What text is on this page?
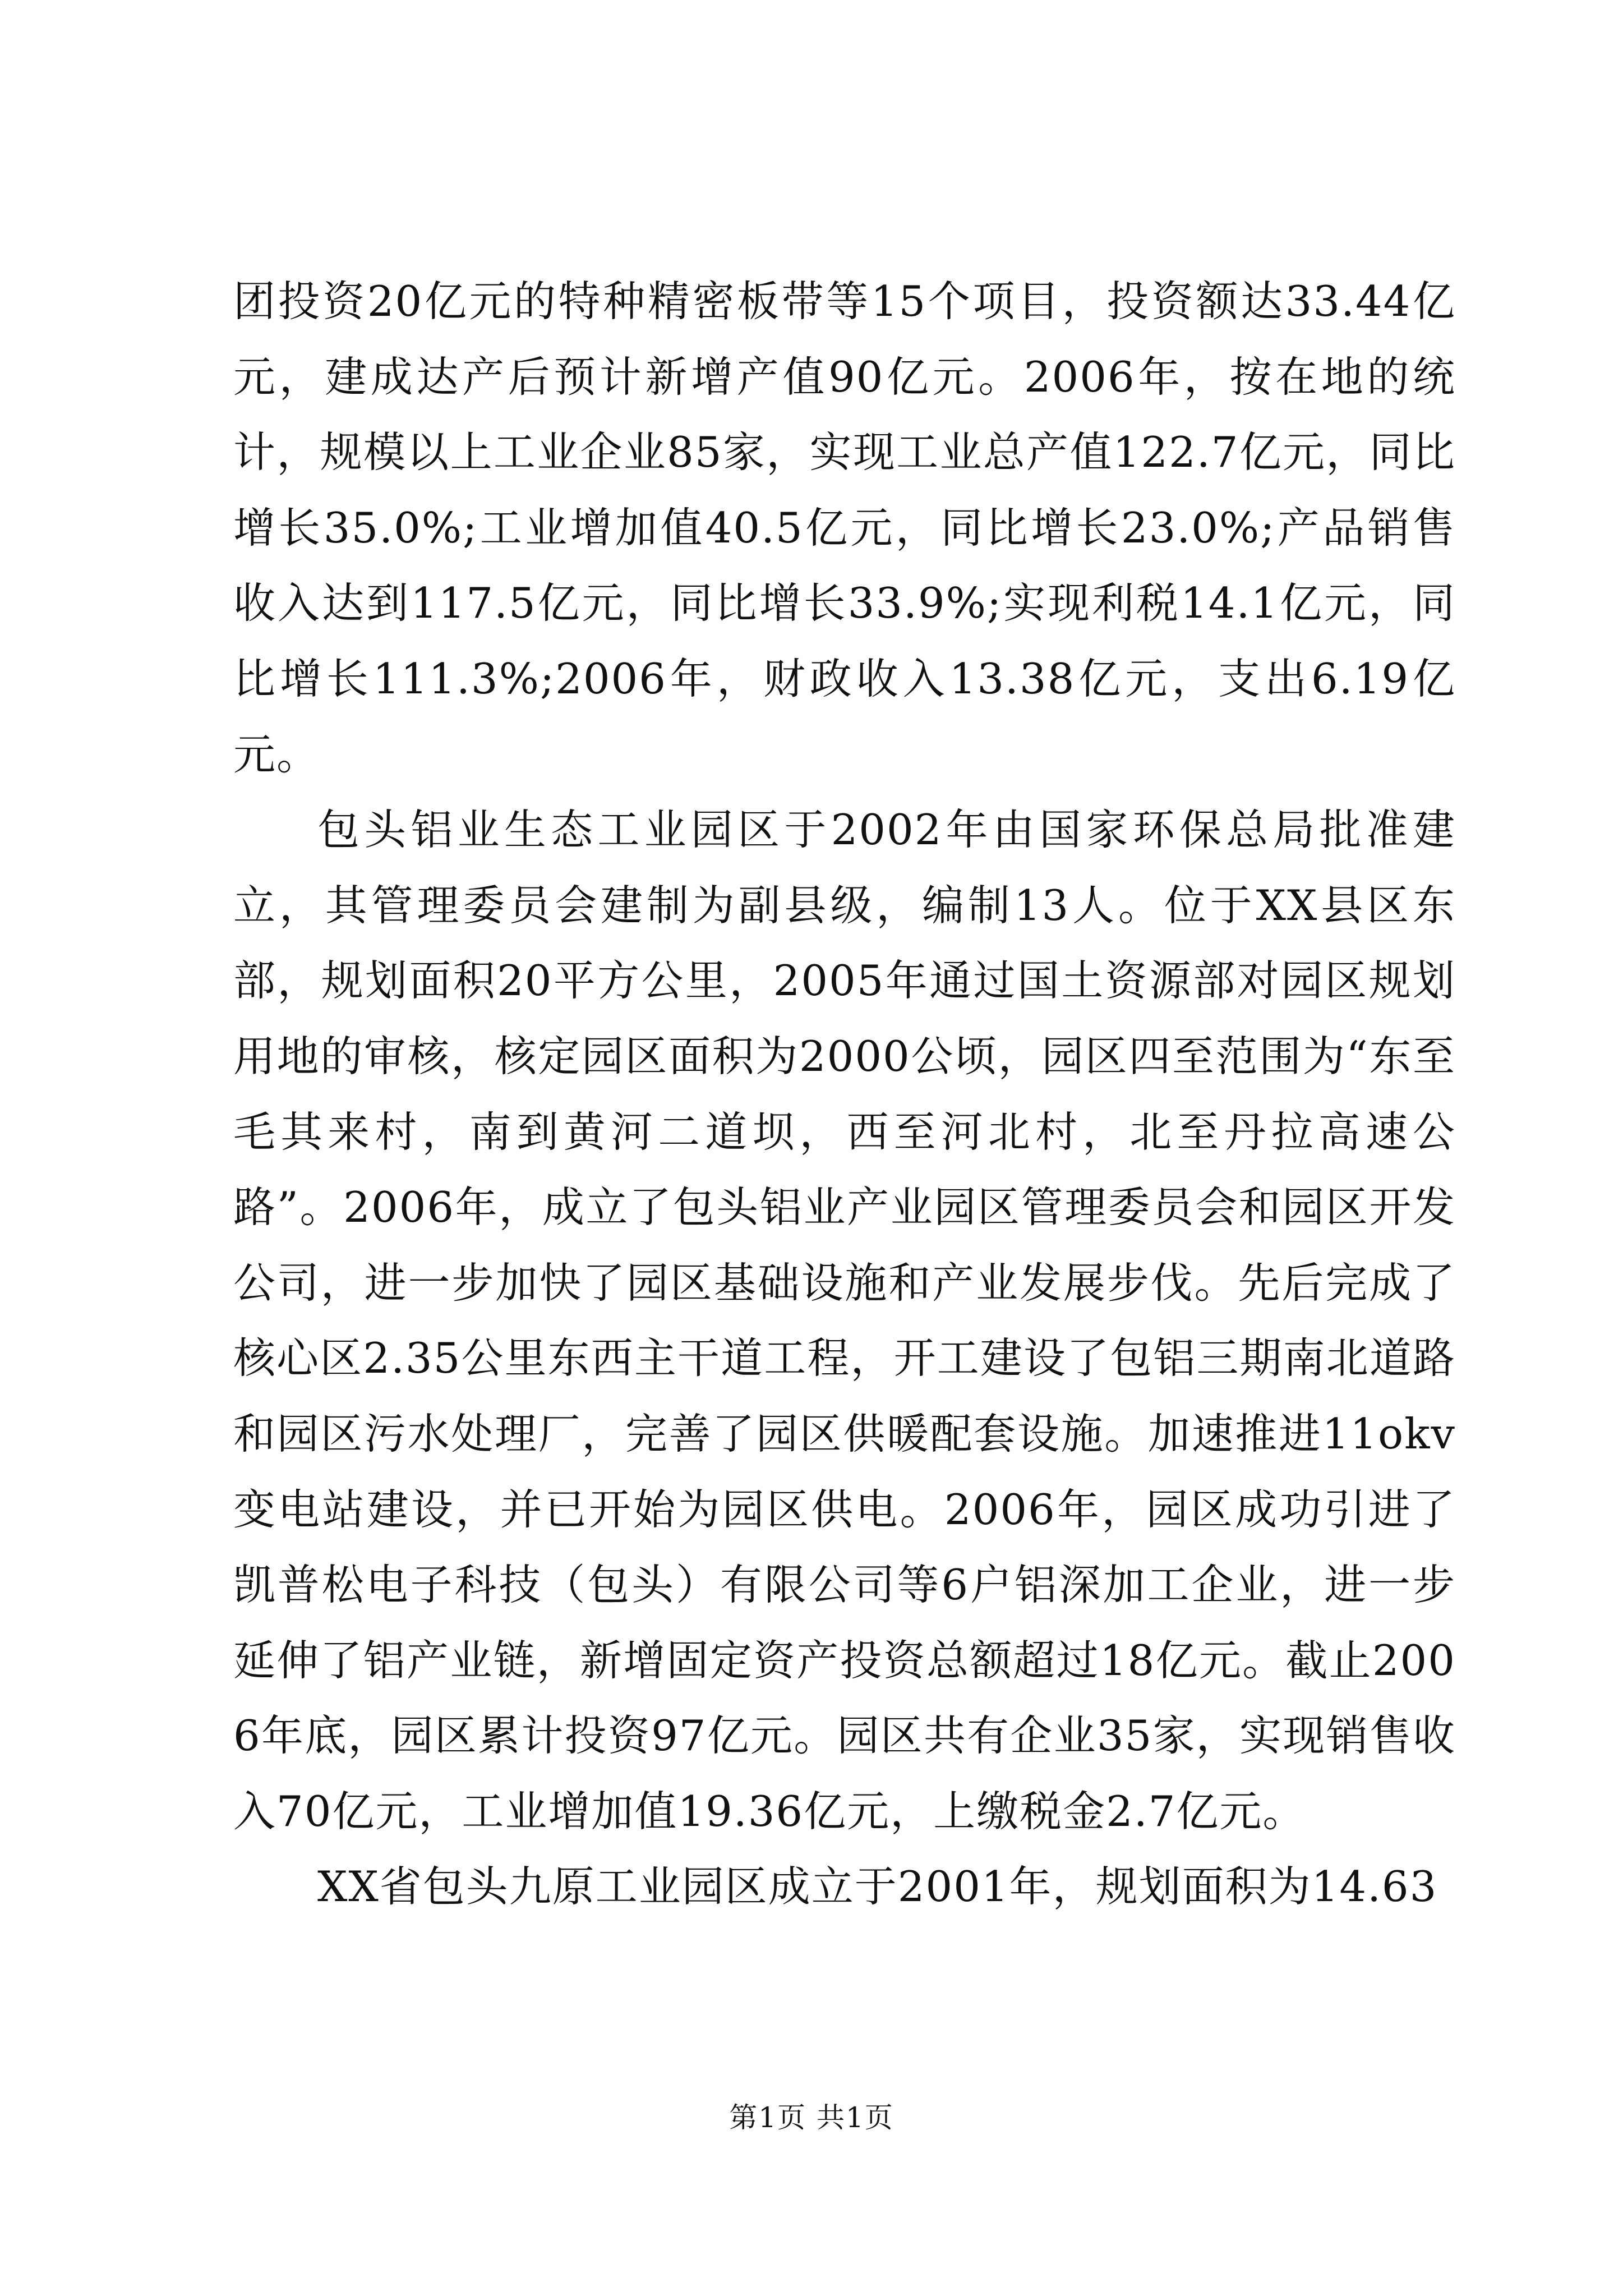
团投资20亿元的特种精密板带等15个项目，投资额达33.44亿元，建成达产后预计新增产值90亿元。2006年，按在地的统计，规模以上工业企业85家，实现工业总产值122.7亿元，同比增长35.0%;工业增加值40.5亿元，同比增长23.0%;产品销售收入达到117.5亿元，同比增长33.9%;实现利税14.1亿元，同比增长111.3%;2006年，财政收入13.38亿元，支出6.19亿元。

包头铝业生态工业园区于2002年由国家环保总局批准建立，其管理委员会建制为副县级，编制13人。位于XX县区东部，规划面积20平方公里，2005年通过国土资源部对园区规划用地的审核，核定园区面积为2000公顷，园区四至范围为“东至毛其来村，南到黄河二道坝，西至河北村，北至丹拉高速公路”。2006年，成立了包头铝业产业园区管理委员会和园区开发公司，进一步加快了园区基础设施和产业发展步伐。先后完成了核心区2.35公里东西主干道工程，开工建设了包铝三期南北道路和园区污水处理厂，完善了园区供暖配套设施。加速推进11okv变电站建设，并已开始为园区供电。2006年，园区成功引进了凯普松电子科技（包头）有限公司等6户铝深加工企业，进一步延伸了铝产业链，新增固定资产投资总额超过18亿元。截止2006年底，园区累计投资97亿元。园区共有企业35家，实现销售收入70亿元，工业增加值19.36亿元，上缴税金2.7亿元。

XX省包头九原工业园区成立于2001年，规划面积为14.63

第1页 共1页
